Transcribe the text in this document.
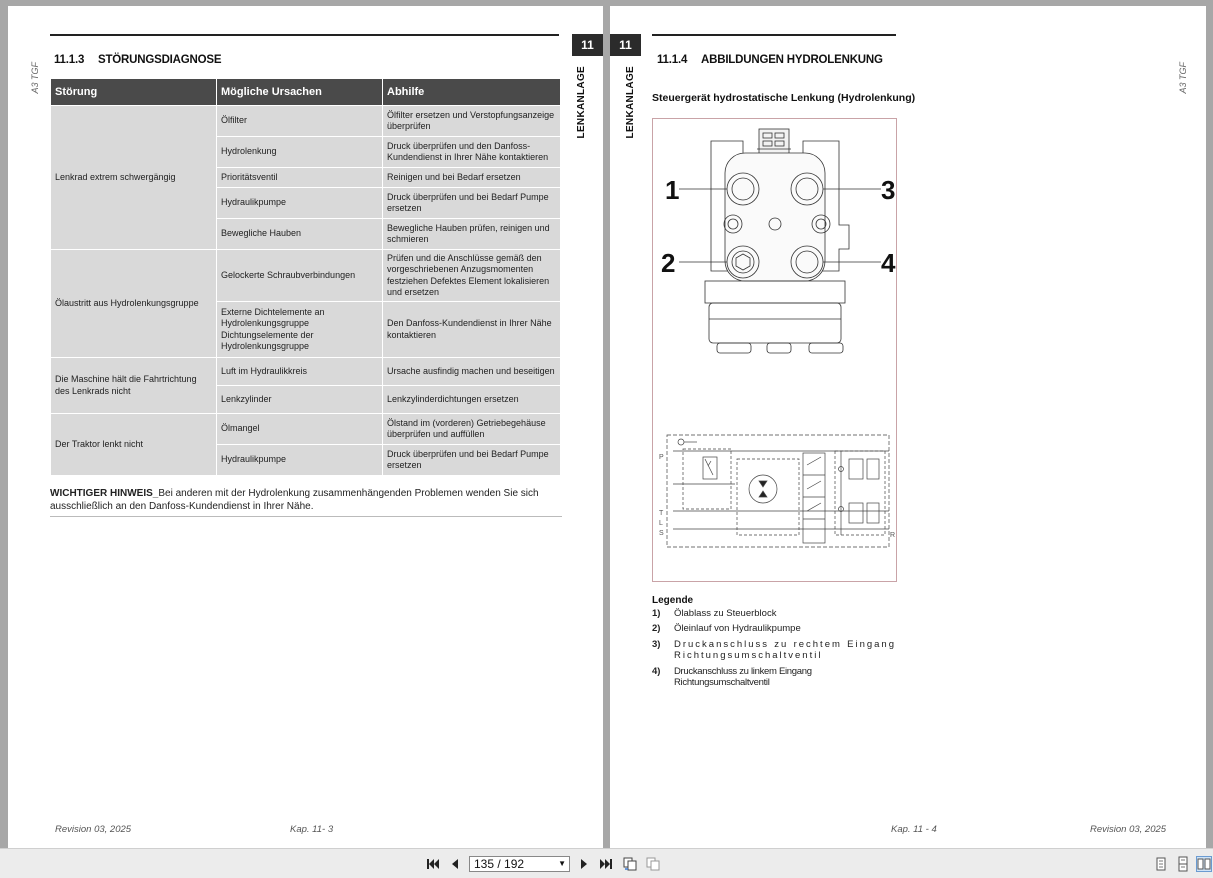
A3 TGF
11.1.3 STÖRUNGSDIAGNOSE
11
LENKANLAGE
Störung	Mögliche Ursachen	Abhilfe
Lenkrad extrem schwergängig	Ölfilter	Ölfilter ersetzen und Verstopfungsanzeige überprüfen
	Hydrolenkung	Druck überprüfen und den Danfoss-Kundendienst in Ihrer Nähe kontaktieren
	Prioritätsventil	Reinigen und bei Bedarf ersetzen
	Hydraulikpumpe	Druck überprüfen und bei Bedarf Pumpe ersetzen
	Bewegliche Hauben	Bewegliche Hauben prüfen, reinigen und schmieren
Ölaustritt aus Hydrolenkungsgruppe	Gelockerte Schraubverbindungen	Prüfen und die Anschlüsse gemäß den vorgeschriebenen Anzugsmomenten festziehen Defektes Element lokalisieren und ersetzen
	Externe Dichtelemente an Hydrolenkungsgruppe Dichtungselemente der Hydrolenkungsgruppe	Den Danfoss-Kundendienst in Ihrer Nähe kontaktieren
Die Maschine hält die Fahrtrichtung des Lenkrads nicht	Luft im Hydraulikkreis	Ursache ausfindig machen und beseitigen
	Lenkzylinder	Lenkzylinderdichtungen ersetzen
Der Traktor lenkt nicht	Ölmangel	Ölstand im (vorderen) Getriebegehäuse überprüfen und auffüllen
	Hydraulikpumpe	Druck überprüfen und bei Bedarf Pumpe ersetzen
WICHTIGER HINWEIS_Bei anderen mit der Hydrolenkung zusammenhängenden Problemen wenden Sie sich ausschließlich an den Danfoss-Kundendienst in Ihrer Nähe.
Revision 03, 2025	Kap. 11- 3
11
LENKANLAGE	A3 TGF
11.1.4 ABBILDUNGEN HYDROLENKUNG
Steuergerät hydrostatische Lenkung (Hydrolenkung)
1	3
2	4
P
T
L
S	R
Legende
1)	Ölablass zu Steuerblock
2)	Öleinlauf von Hydraulikpumpe
3)	Druckanschluss zu rechtem Eingang Richtungsumschaltventil
4)	Druckanschluss zu linkem Eingang Richtungsumschaltventil
Kap. 11 - 4	Revision 03, 2025
135 / 192	▼
